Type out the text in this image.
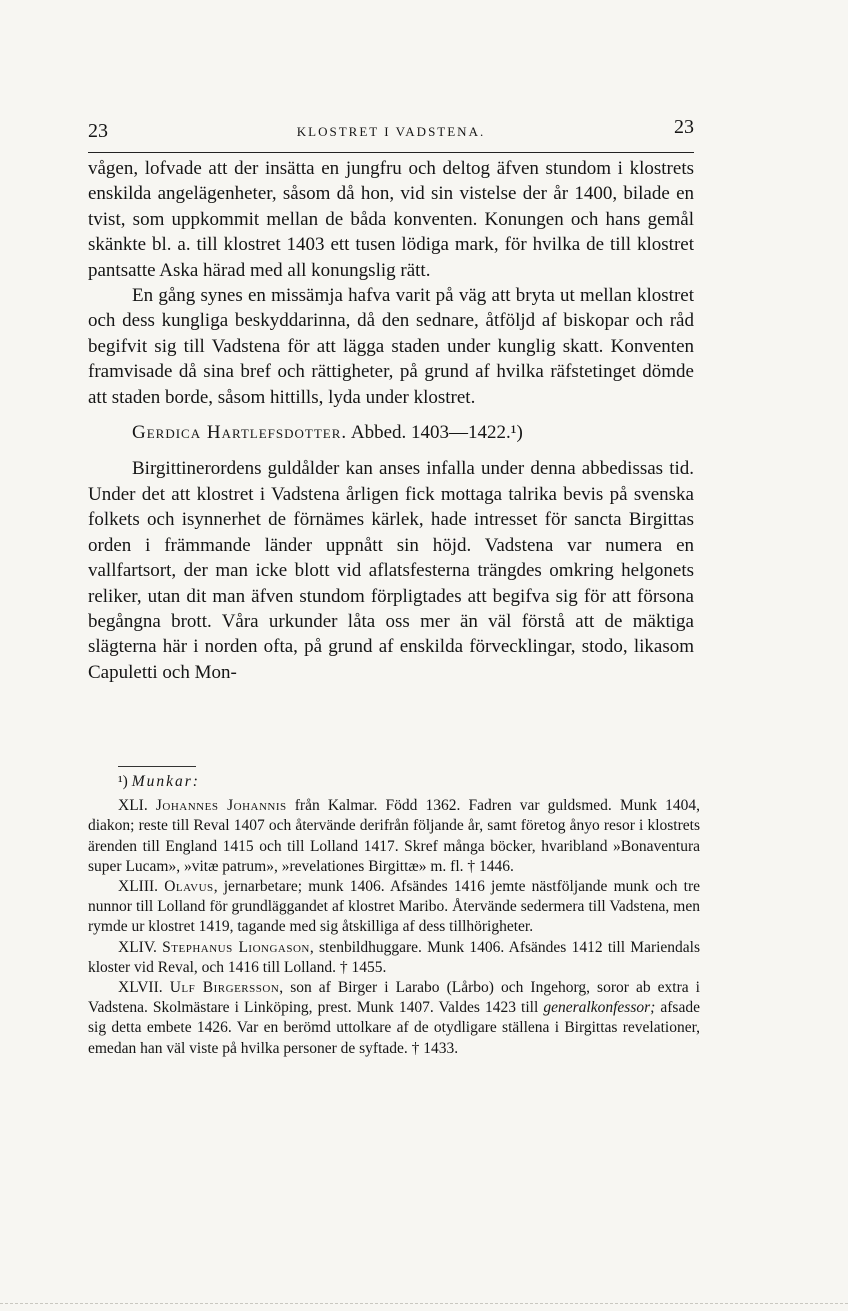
23	KLOSTRET I VADSTENA.	23

vågen, lofvade att der insätta en jungfru och deltog äfven stundom i klostrets enskilda angelägenheter, såsom då hon, vid sin vistelse der år 1400, bilade en tvist, som uppkommit mellan de båda konventen. Konungen och hans gemål skänkte bl. a. till klostret 1403 ett tusen lödiga mark, för hvilka de till klostret pantsatte Aska härad med all konungslig rätt.

En gång synes en missämja hafva varit på väg att bryta ut mellan klostret och dess kungliga beskyddarinna, då den sednare, åtföljd af biskopar och råd begifvit sig till Vadstena för att lägga staden under kunglig skatt. Konventen framvisade då sina bref och rättigheter, på grund af hvilka räfstetinget dömde att staden borde, såsom hittills, lyda under klostret.

Gerdica Hartlefsdotter. Abbed. 1403—1422.¹)

Birgittinerordens guldålder kan anses infalla under denna abbedissas tid. Under det att klostret i Vadstena årligen fick mottaga talrika bevis på svenska folkets och isynnerhet de förnämes kärlek, hade intresset för sancta Birgittas orden i främmande länder uppnått sin höjd. Vadstena var numera en vallfartsort, der man icke blott vid aflatsfesterna trängdes omkring helgonets reliker, utan dit man äfven stundom förpligtades att begifva sig för att försona begångna brott. Våra urkunder låta oss mer än väl förstå att de mäktiga slägterna här i norden ofta, på grund af enskilda förvecklingar, stodo, likasom Capuletti och Mon-

¹) Munkar:

XLI. Johannes Johannis från Kalmar. Född 1362. Fadren var guldsmed. Munk 1404, diakon; reste till Reval 1407 och återvände derifrån följande år, samt företog ånyo resor i klostrets ärenden till England 1415 och till Lolland 1417. Skref många böcker, hvaribland »Bonaventura super Lucam», »vitæ patrum», »revelationes Birgittæ» m. fl. † 1446.

XLIII. Olavus, jernarbetare; munk 1406. Afsändes 1416 jemte nästföljande munk och tre nunnor till Lolland för grundläggandet af klostret Maribo. Återvände sedermera till Vadstena, men rymde ur klostret 1419, tagande med sig åtskilliga af dess tillhörigheter.

XLIV. Stephanus Liongason, stenbildhuggare. Munk 1406. Afsändes 1412 till Mariendals kloster vid Reval, och 1416 till Lolland. † 1455.

XLVII. Ulf Birgersson, son af Birger i Larabo (Lårbo) och Ingehorg, soror ab extra i Vadstena. Skolmästare i Linköping, prest. Munk 1407. Valdes 1423 till generalkonfessor; afsade sig detta embete 1426. Var en berömd uttolkare af de otydligare ställena i Birgittas revelationer, emedan han väl viste på hvilka personer de syftade. † 1433.
